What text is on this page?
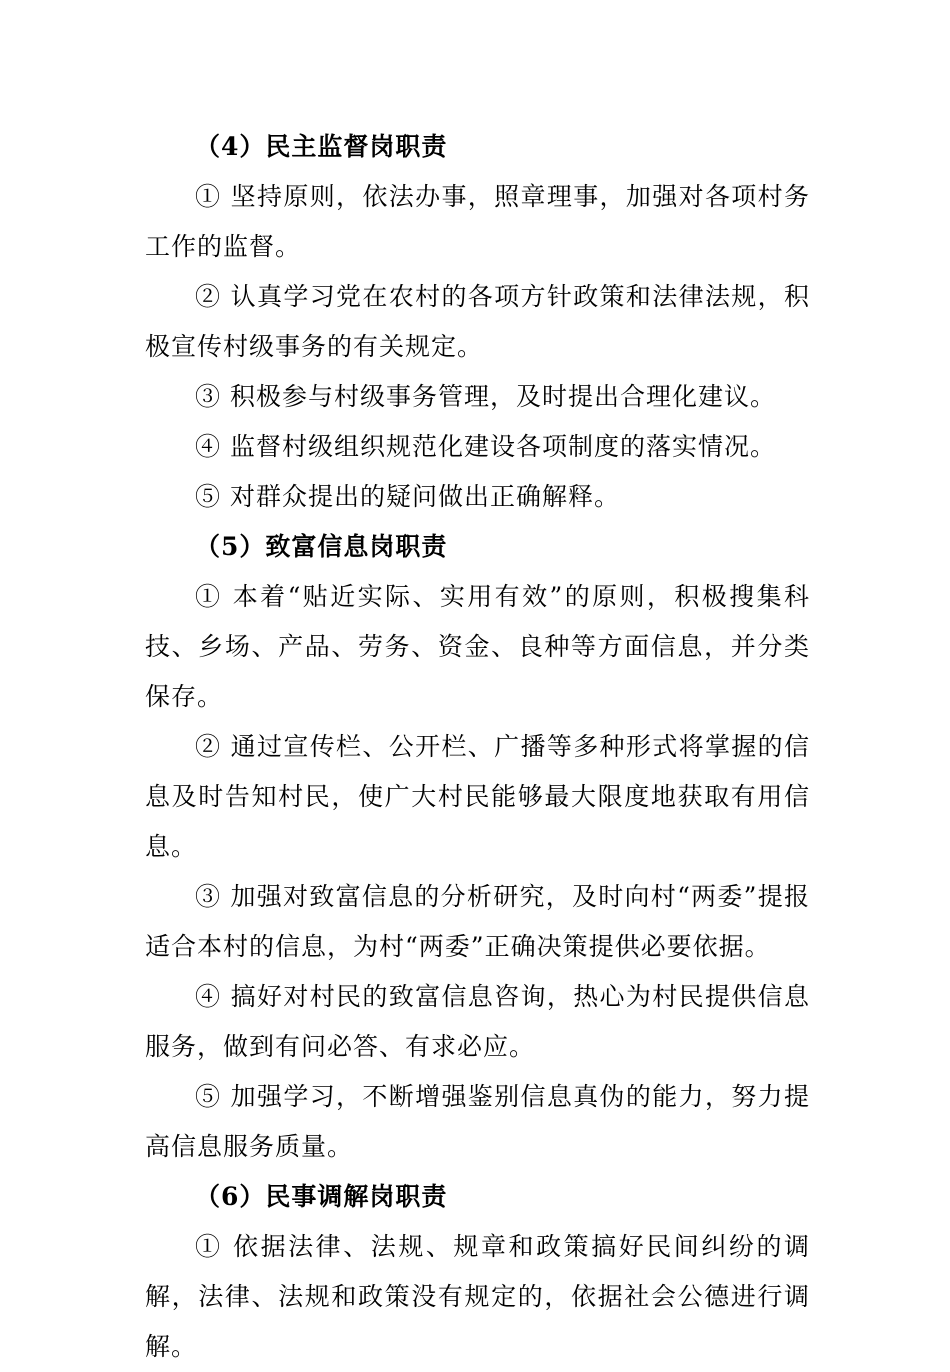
（4）民主监督岗职责

① 坚持原则，依法办事，照章理事，加强对各项村务工作的监督。

② 认真学习党在农村的各项方针政策和法律法规，积极宣传村级事务的有关规定。

③ 积极参与村级事务管理，及时提出合理化建议。

④ 监督村级组织规范化建设各项制度的落实情况。

⑤ 对群众提出的疑问做出正确解释。

（5）致富信息岗职责

① 本着“贴近实际、实用有效”的原则，积极搜集科技、乡场、产品、劳务、资金、良种等方面信息，并分类保存。

② 通过宣传栏、公开栏、广播等多种形式将掌握的信息及时告知村民，使广大村民能够最大限度地获取有用信息。

③ 加强对致富信息的分析研究，及时向村“两委”提报适合本村的信息，为村“两委”正确决策提供必要依据。

④ 搞好对村民的致富信息咨询，热心为村民提供信息服务，做到有问必答、有求必应。

⑤ 加强学习，不断增强鉴别信息真伪的能力，努力提高信息服务质量。

（6）民事调解岗职责

① 依据法律、法规、规章和政策搞好民间纠纷的调解，法律、法规和政策没有规定的，依据社会公德进行调解。
